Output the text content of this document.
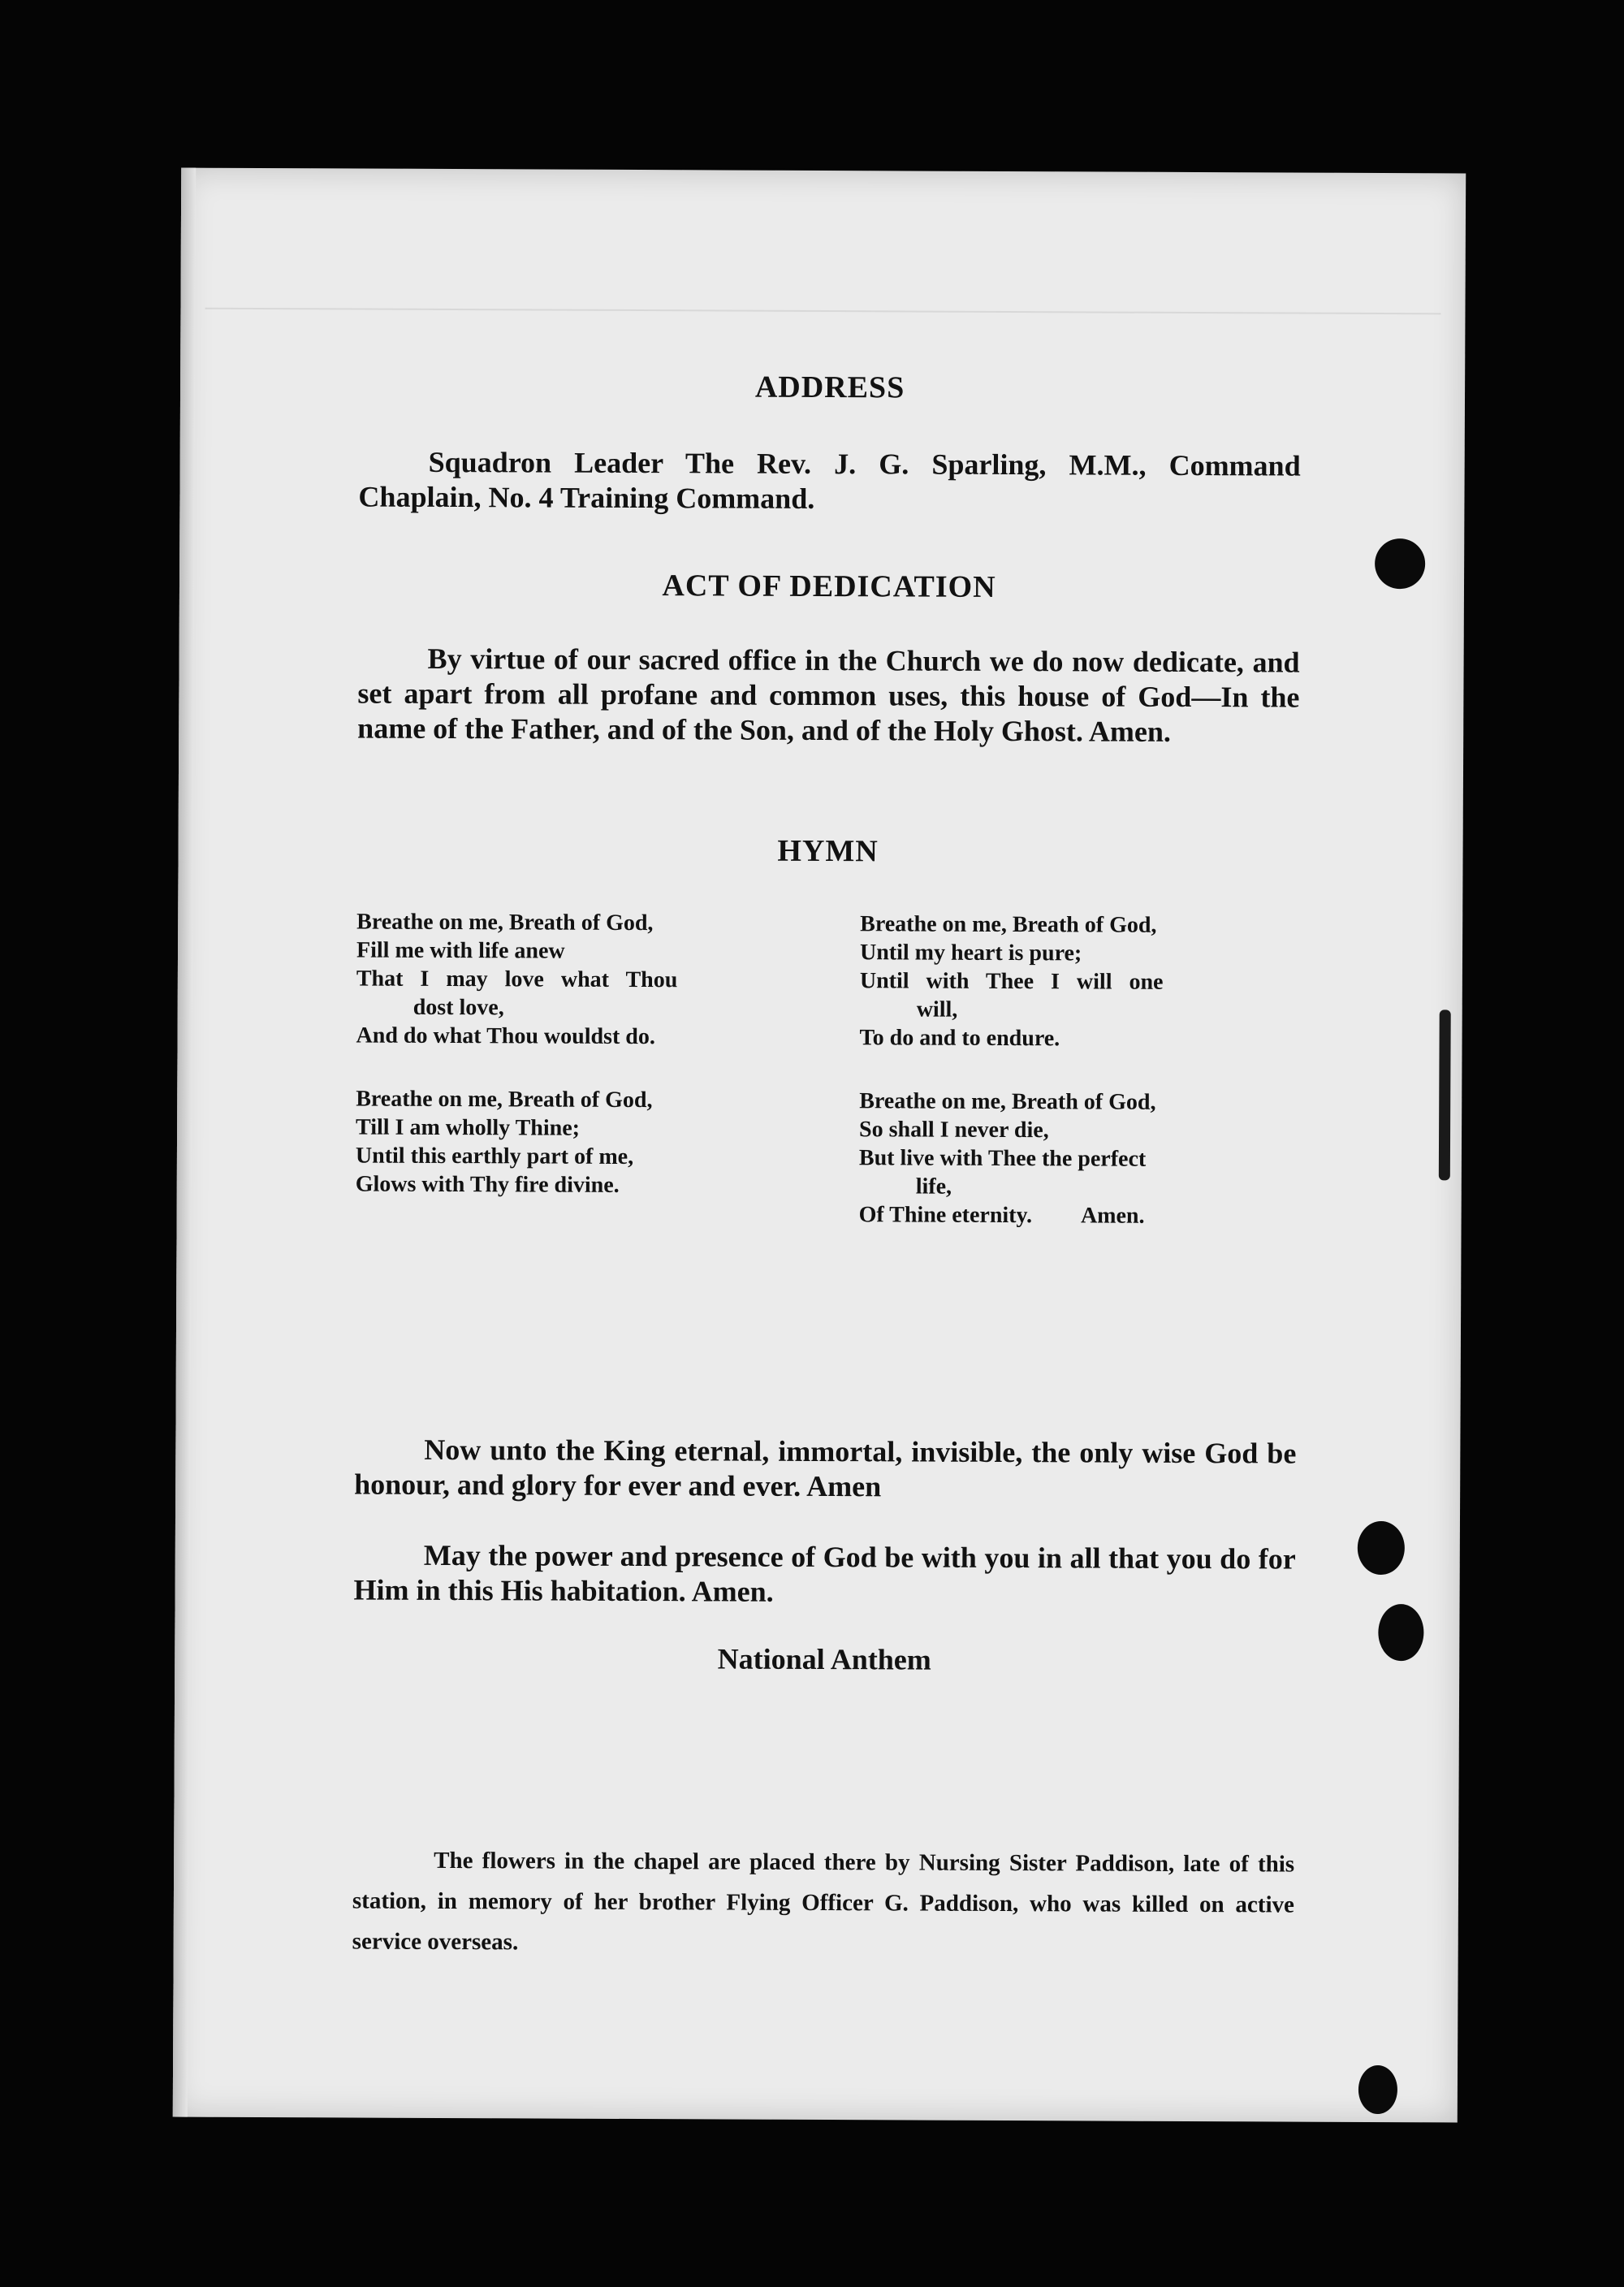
ADDRESS
Squadron Leader The Rev. J. G. Sparling, M.M., Command Chaplain, No. 4 Training Command.
ACT OF DEDICATION
By virtue of our sacred office in the Church we do now dedicate, and set apart from all profane and common uses, this house of God—In the name of the Father, and of the Son, and of the Holy Ghost. Amen.
HYMN
Breathe on me, Breath of God,
Fill me with life anew
That I may love what Thou
dost love,
And do what Thou wouldst do.
Breathe on me, Breath of God,
Until my heart is pure;
Until with Thee I will one
will,
To do and to endure.
Breathe on me, Breath of God,
Till I am wholly Thine;
Until this earthly part of me,
Glows with Thy fire divine.
Breathe on me, Breath of God,
So shall I never die,
But live with Thee the perfect
life,
Of Thine eternity. Amen.
Now unto the King eternal, immortal, invisible, the only wise God be honour, and glory for ever and ever. Amen
May the power and presence of God be with you in all that you do for Him in this His habitation. Amen.
National Anthem
The flowers in the chapel are placed there by Nursing Sister Paddison, late of this station, in memory of her brother Flying Officer G. Paddison, who was killed on active service overseas.
